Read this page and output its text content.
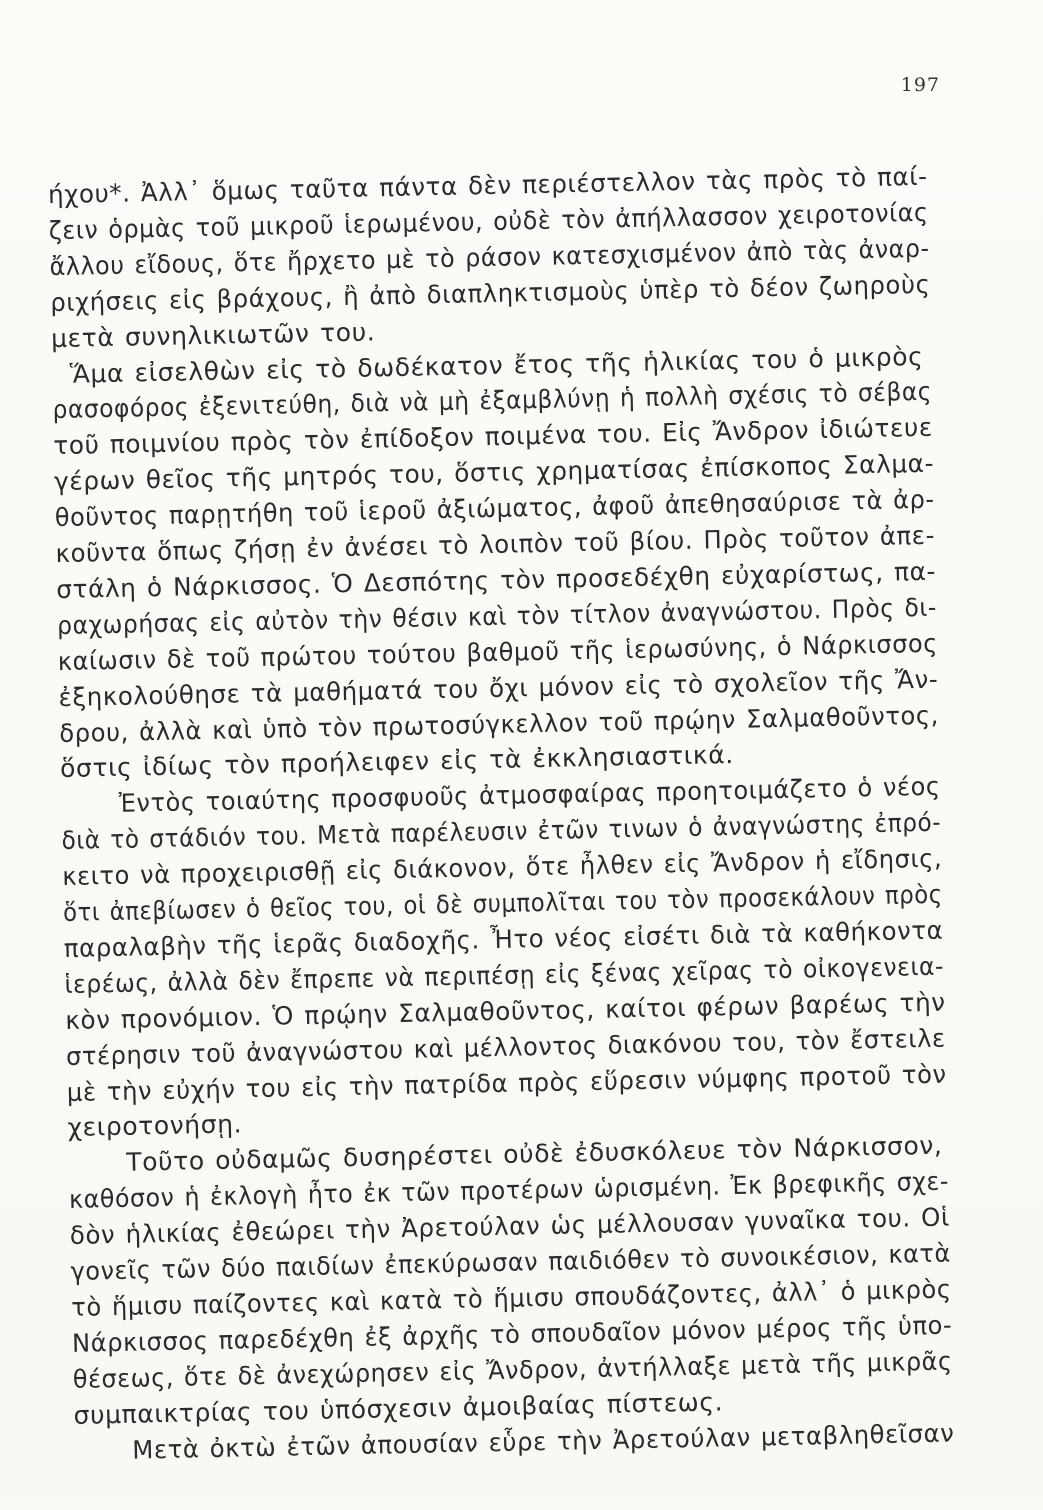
197
ήχου*. Ἀλλ᾽ ὅμως ταῦτα πάντα δὲν περιέστελλον τὰς πρὸς τὸ παί-
ζειν ὁρμὰς τοῦ μικροῦ ἱερωμένου, οὐδὲ τὸν ἀπήλλασσον χειροτονίας
ἄλλου εἴδους, ὅτε ἤρχετο μὲ τὸ ράσον κατεσχισμένον ἀπὸ τὰς ἀναρ-
ριχήσεις εἰς βράχους, ἢ ἀπὸ διαπληκτισμοὺς ὑπὲρ τὸ δέον ζωηροὺς
μετὰ συνηλικιωτῶν του.
Ἅμα εἰσελθὼν εἰς τὸ δωδέκατον ἔτος τῆς ἡλικίας του ὁ μικρὸς
ρασοφόρος ἐξενιτεύθη, διὰ νὰ μὴ ἐξαμβλύνῃ ἡ πολλὴ σχέσις τὸ σέβας
τοῦ ποιμνίου πρὸς τὸν ἐπίδοξον ποιμένα του. Εἰς Ἄνδρον ἰδιώτευε
γέρων θεῖος τῆς μητρός του, ὅστις χρηματίσας ἐπίσκοπος Σαλμα-
θοῦντος παρῃτήθη τοῦ ἱεροῦ ἀξιώματος, ἀφοῦ ἀπεθησαύρισε τὰ ἀρ-
κοῦντα ὅπως ζήσῃ ἐν ἀνέσει τὸ λοιπὸν τοῦ βίου. Πρὸς τοῦτον ἀπε-
στάλη ὁ Νάρκισσος. Ὁ Δεσπότης τὸν προσεδέχθη εὐχαρίστως, πα-
ραχωρήσας εἰς αὐτὸν τὴν θέσιν καὶ τὸν τίτλον ἀναγνώστου. Πρὸς δι-
καίωσιν δὲ τοῦ πρώτου τούτου βαθμοῦ τῆς ἱερωσύνης, ὁ Νάρκισσος
ἐξηκολούθησε τὰ μαθήματά του ὄχι μόνον εἰς τὸ σχολεῖον τῆς Ἄν-
δρου, ἀλλὰ καὶ ὑπὸ τὸν πρωτοσύγκελλον τοῦ πρῴην Σαλμαθοῦντος,
ὅστις ἰδίως τὸν προήλειφεν εἰς τὰ ἐκκλησιαστικά.
Ἐντὸς τοιαύτης προσφυοῦς ἀτμοσφαίρας προητοιμάζετο ὁ νέος
διὰ τὸ στάδιόν του. Μετὰ παρέλευσιν ἐτῶν τινων ὁ ἀναγνώστης ἐπρό-
κειτο νὰ προχειρισθῇ εἰς διάκονον, ὅτε ἦλθεν εἰς Ἄνδρον ἡ εἴδησις,
ὅτι ἀπεβίωσεν ὁ θεῖος του, οἱ δὲ συμπολῖται του τὸν προσεκάλουν πρὸς
παραλαβὴν τῆς ἱερᾶς διαδοχῆς. Ἦτο νέος εἰσέτι διὰ τὰ καθήκοντα
ἱερέως, ἀλλὰ δὲν ἔπρεπε νὰ περιπέσῃ εἰς ξένας χεῖρας τὸ οἰκογενεια-
κὸν προνόμιον. Ὁ πρῴην Σαλμαθοῦντος, καίτοι φέρων βαρέως τὴν
στέρησιν τοῦ ἀναγνώστου καὶ μέλλοντος διακόνου του, τὸν ἔστειλε
μὲ τὴν εὐχήν του εἰς τὴν πατρίδα πρὸς εὕρεσιν νύμφης προτοῦ τὸν
χειροτονήσῃ.
Τοῦτο οὐδαμῶς δυσηρέστει οὐδὲ ἐδυσκόλευε τὸν Νάρκισσον,
καθόσον ἡ ἐκλογὴ ἦτο ἐκ τῶν προτέρων ὡρισμένη. Ἐκ βρεφικῆς σχε-
δὸν ἡλικίας ἐθεώρει τὴν Ἀρετούλαν ὡς μέλλουσαν γυναῖκα του. Οἱ
γονεῖς τῶν δύο παιδίων ἐπεκύρωσαν παιδιόθεν τὸ συνοικέσιον, κατὰ
τὸ ἥμισυ παίζοντες καὶ κατὰ τὸ ἥμισυ σπουδάζοντες, ἀλλ᾽ ὁ μικρὸς
Νάρκισσος παρεδέχθη ἐξ ἀρχῆς τὸ σπουδαῖον μόνον μέρος τῆς ὑπο-
θέσεως, ὅτε δὲ ἀνεχώρησεν εἰς Ἄνδρον, ἀντήλλαξε μετὰ τῆς μικρᾶς
συμπαικτρίας του ὑπόσχεσιν ἀμοιβαίας πίστεως.
Μετὰ ὀκτὼ ἐτῶν ἀπουσίαν εὗρε τὴν Ἀρετούλαν μεταβληθεῖσαν
